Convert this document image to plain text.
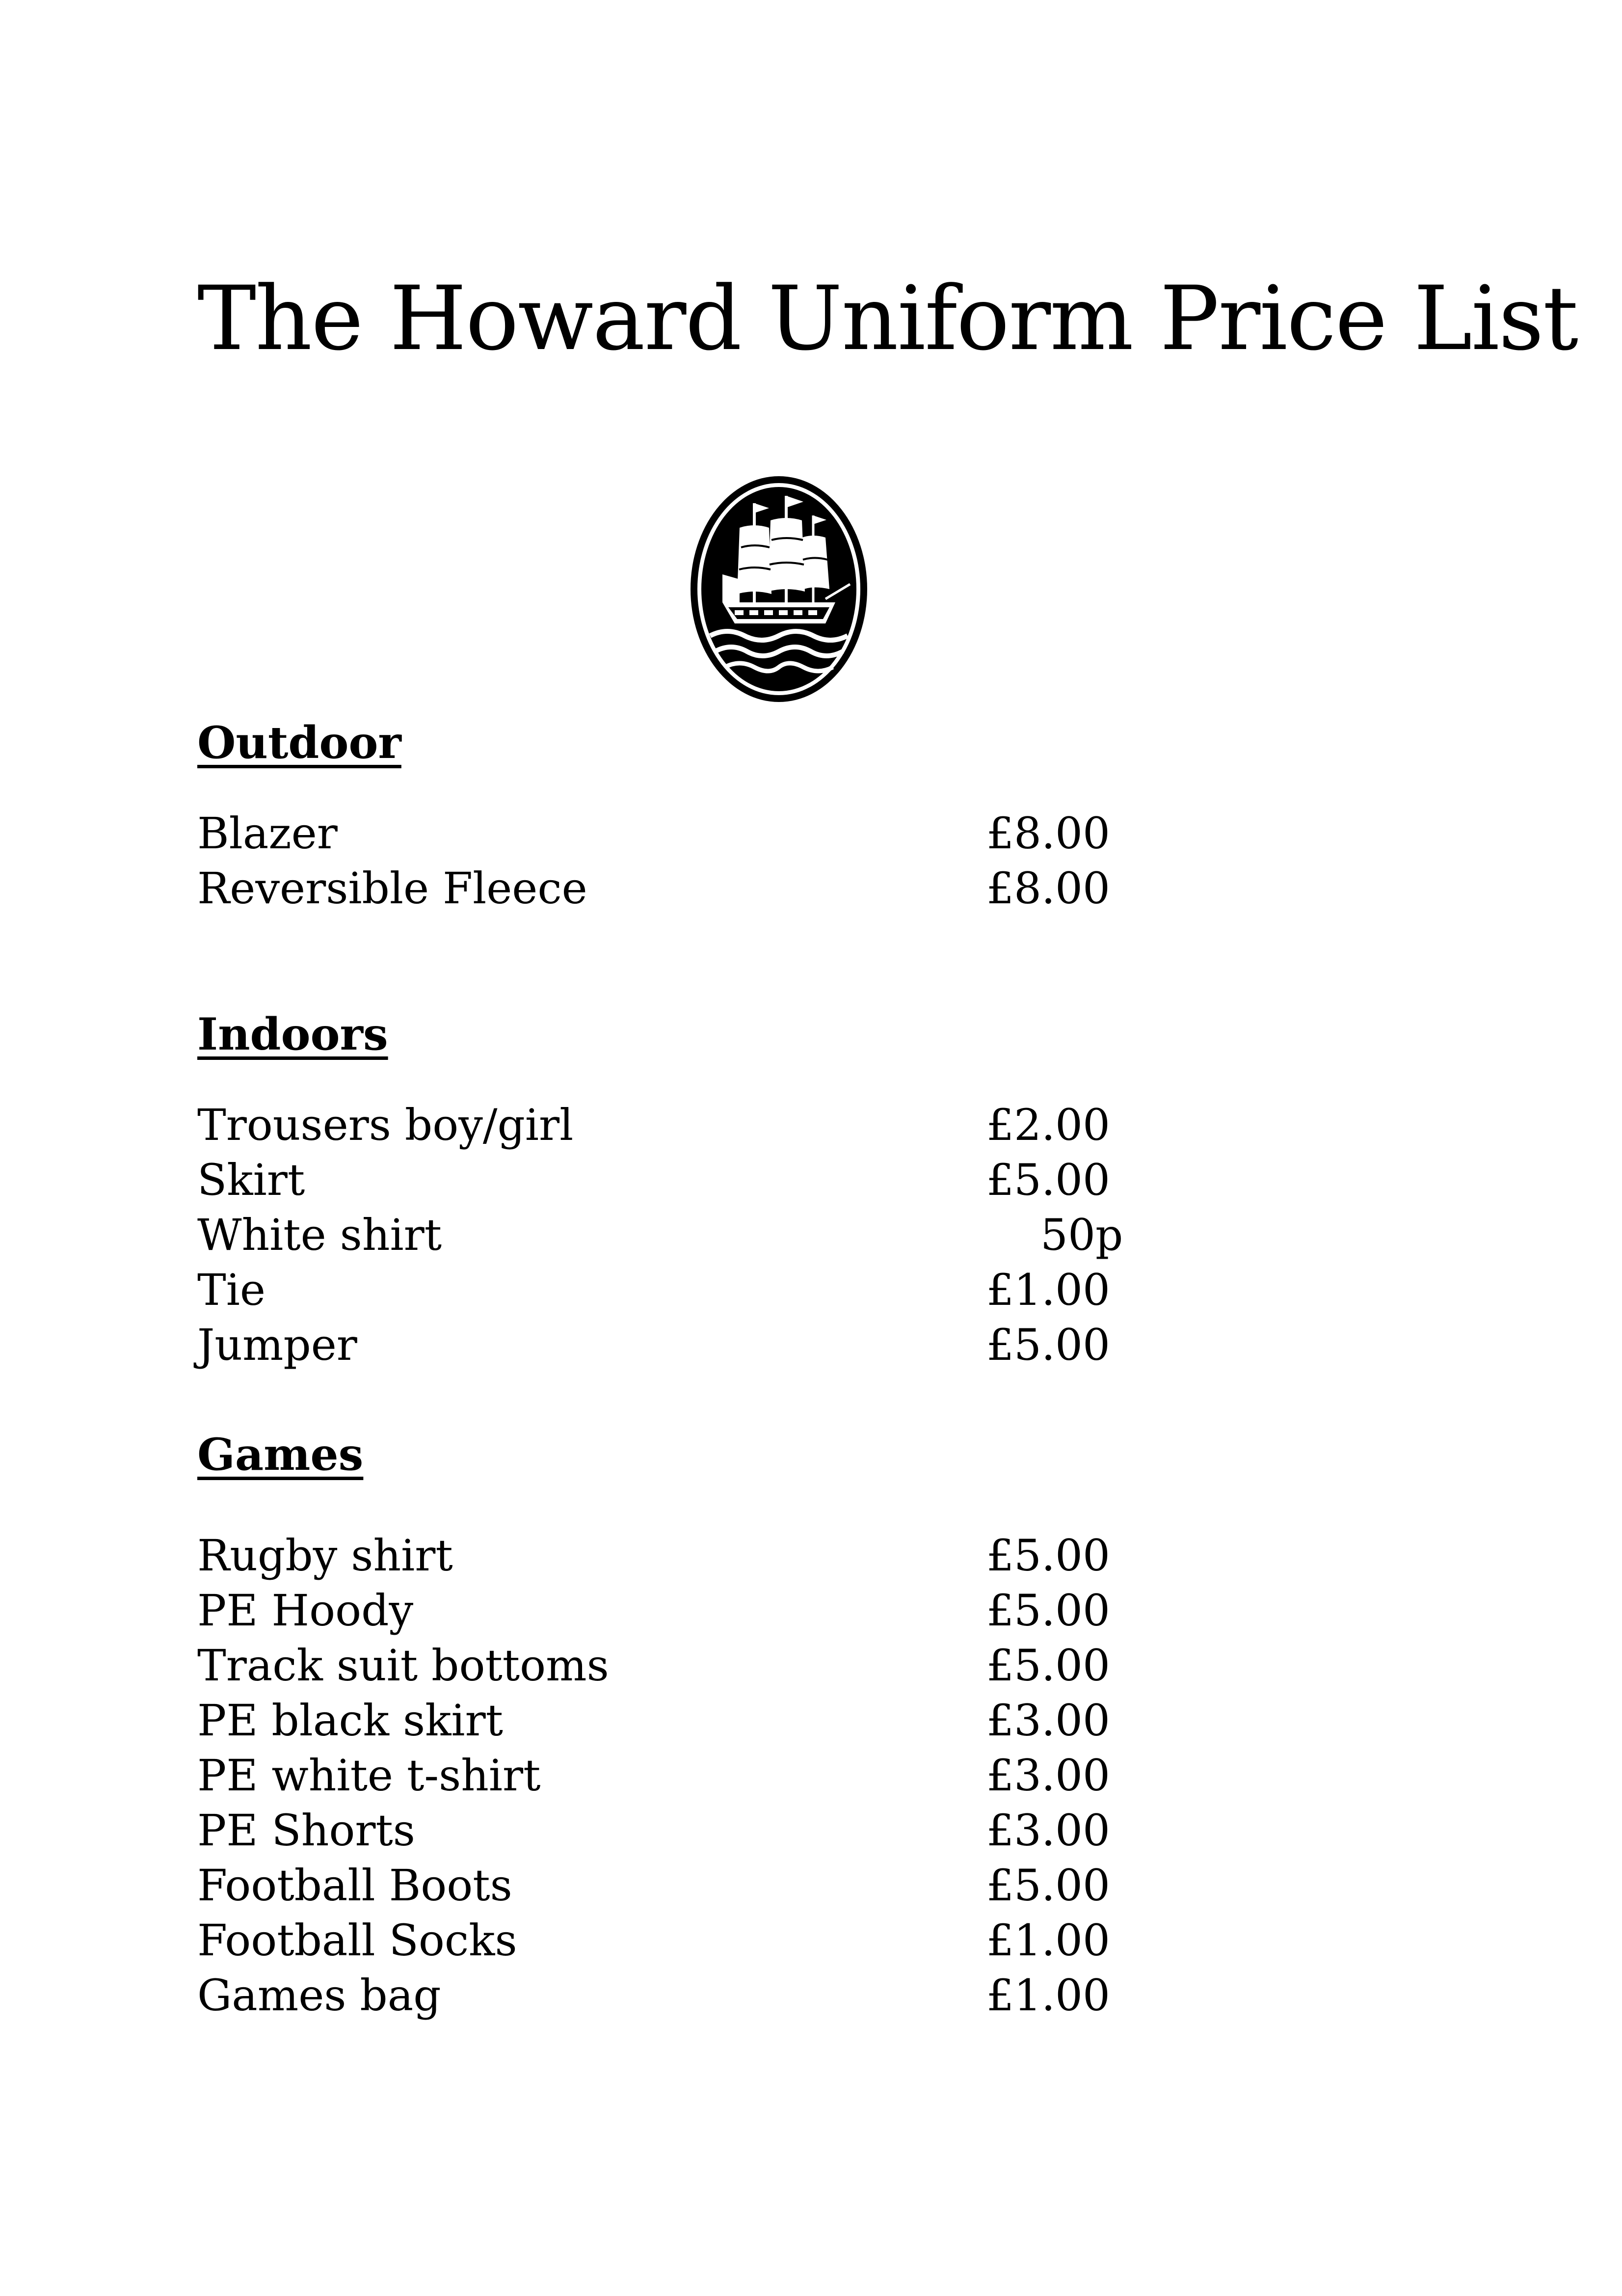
The Howard Uniform Price List
Outdoor
Blazer	£8.00
Reversible Fleece	£8.00
Indoors
Trousers boy/girl	£2.00
Skirt	£5.00
White shirt	50p
Tie	£1.00
Jumper	£5.00
Games
Rugby shirt	£5.00
PE Hoody	£5.00
Track suit bottoms	£5.00
PE black skirt	£3.00
PE white t-shirt	£3.00
PE Shorts	£3.00
Football Boots	£5.00
Football Socks	£1.00
Games bag	£1.00
